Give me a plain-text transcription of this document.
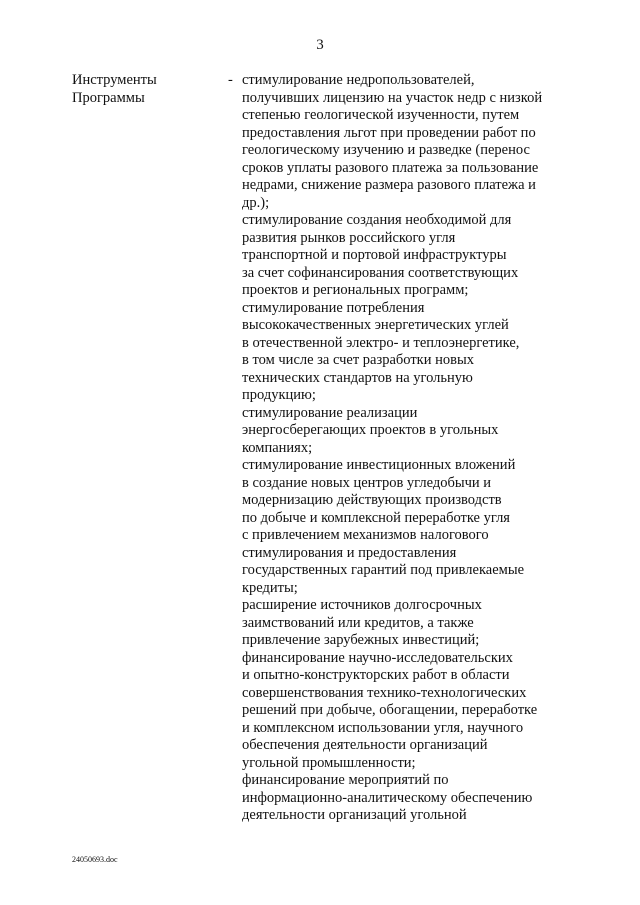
3
Инструменты
Программы
- стимулирование недропользователей,
получивших лицензию на участок недр с низкой
степенью геологической изученности, путем
предоставления льгот при проведении работ по
геологическому изучению и разведке (перенос
сроков уплаты разового платежа за пользование
недрами, снижение размера разового платежа и
др.);
стимулирование создания необходимой для
развития рынков российского угля
транспортной и портовой инфраструктуры
за счет софинансирования соответствующих
проектов и региональных программ;
стимулирование потребления
высококачественных энергетических углей
в отечественной электро- и теплоэнергетике,
в том числе за счет разработки новых
технических стандартов на угольную
продукцию;
стимулирование реализации
энергосберегающих проектов в угольных
компаниях;
стимулирование инвестиционных вложений
в создание новых центров угледобычи и
модернизацию действующих производств
по добыче и комплексной переработке угля
с привлечением механизмов налогового
стимулирования и предоставления
государственных гарантий под привлекаемые
кредиты;
расширение источников долгосрочных
заимствований или кредитов, а также
привлечение зарубежных инвестиций;
финансирование научно-исследовательских
и опытно-конструкторских работ в области
совершенствования технико-технологических
решений при добыче, обогащении, переработке
и комплексном использовании угля, научного
обеспечения деятельности организаций
угольной промышленности;
финансирование мероприятий по
информационно-аналитическому обеспечению
деятельности организаций угольной
24050693.doc
